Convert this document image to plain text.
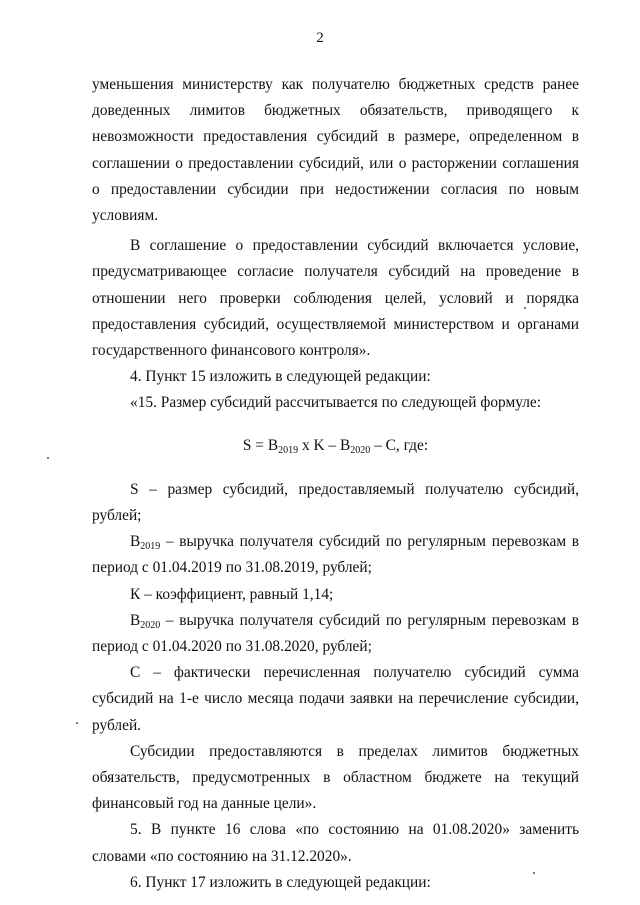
2

уменьшения министерству как получателю бюджетных средств ранее доведенных лимитов бюджетных обязательств, приводящего к невозможности предоставления субсидий в размере, определенном в соглашении о предоставлении субсидий, или о расторжении соглашения о предоставлении субсидии при недостижении согласия по новым условиям.

В соглашение о предоставлении субсидий включается условие, предусматривающее согласие получателя субсидий на проведение в отношении него проверки соблюдения целей, условий и порядка предоставления субсидий, осуществляемой министерством и органами государственного финансового контроля».

4. Пункт 15 изложить в следующей редакции:

«15. Размер субсидий рассчитывается по следующей формуле:

$S = B_{2019}$ x K – $B_{2020}$ – C, где:

S – размер субсидий, предоставляемый получателю субсидий, рублей;

$B_{2019}$ – выручка получателя субсидий по регулярным перевозкам в период с 01.04.2019 по 31.08.2019, рублей;

К – коэффициент, равный 1,14;

$B_{2020}$ – выручка получателя субсидий по регулярным перевозкам в период с 01.04.2020 по 31.08.2020, рублей;

С – фактически перечисленная получателю субсидий сумма субсидий на 1-е число месяца подачи заявки на перечисление субсидии, рублей.

Субсидии предоставляются в пределах лимитов бюджетных обязательств, предусмотренных в областном бюджете на текущий финансовый год на данные цели».

5. В пункте 16 слова «по состоянию на 01.08.2020» заменить словами «по состоянию на 31.12.2020».

6. Пункт 17 изложить в следующей редакции:
